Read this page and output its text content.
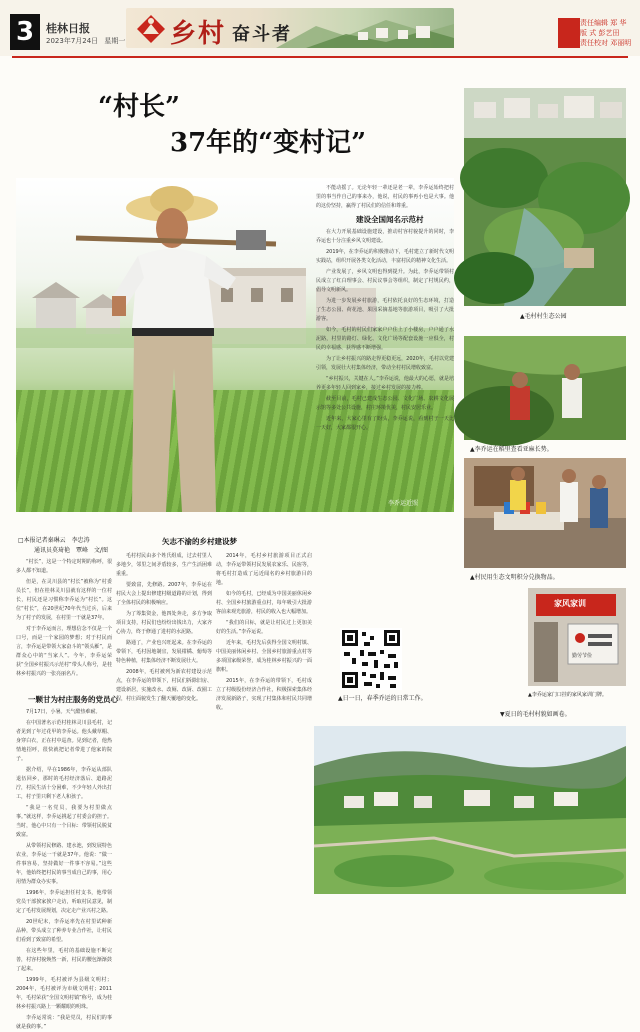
3	桂林日报
2023年7月24日 星期一 乡村 奋斗者
责任编辑 郑 华
版 式 彭艺田
责任校对 邓丽明
“村长”
37年的“变村记”
李乔运近照
▲毛村村生态公园
▲李乔运在稻里查看亚麻长势。
▲村民用生态文明积分兑换物品。
家风家训
勤劳节俭
▲李乔运家门口挂的家风家训门牌。
▲日一日，春季乔运的日常工作。
▼夏日的毛村村貌如画卷。
□本报记者秦琳云　李忠涛
通讯员莫琦艳　覃峰　文/图

“村长”，这是一个特定时期的称呼，很多人都不知道。

但是，在灵川县的“村长”被称为“村委员长”，但在桂林灵川县就有这样的一位村长，村民还是习惯称李乔运为“村长”。这位“村长”，在20世纪70年代当过兵，后来为了村子的发展，在村里一干就是37年。

对于李乔运而言，理想信念不仅是一个口号，而是一个家园的梦想；对于村民而言，李乔运是带领大家奋斗的“领头雁”，是群众心中的“当家人”。今年，李乔运荣获“全国乡村振兴示范村”带头人称号，是桂林乡村振兴的一张亮丽名片。

一颗甘为村庄服务的党员心

7月17日，小暑。天气酷热难耐。

在中国著名示范村桂林灵川县毛村，记者见到了年过花甲的李乔运。他头戴草帽、身穿白衣，正在村中巡查。见到记者，他热情地招呼，很快就把记者带进了他家的院子。

据介绍，早在1986年，李乔运从部队退伍回乡，那时的毛村经济落后、道路泥泞，村民生活十分困难，不少年轻人外出打工，村子里只剩下老人和孩子。

“我是一名党员，我要为村里做点事。”就这样，李乔运挑起了村委会的担子。当时，他心中只有一个目标：带领村民脱贫致富。

从带领村民修路、建水池，到发展特色农业，李乔运一干就是37年。他说：“做一件事容易，坚持做好一件事不容易。”这些年，他始终把村民的事当成自己的事，用心用情为群众办实事。

1996年，李乔运担任村支书，他带领党员干部挨家挨户走访，听取村民意见，制定了毛村发展规划，决定走产业兴村之路。

20世纪末，李乔运率先在村里试种新品种，带头成立了种养专业合作社，让村民们看到了致富的希望。

在这些年里，毛村的基础设施不断完善，村容村貌焕然一新，村民的腰包渐渐鼓了起来。

1999年，毛村被评为县级文明村；2004年，毛村被评为市级文明村；2011年，毛村荣获“全国文明村镇”称号，成为桂林乡村振兴路上一颗耀眼的明珠。

李乔运常说：“我是党员，村民们的事就是我的事。”

矢志不渝的乡村建设梦

毛村村民由多个姓氏组成，过去村里人多地少，邻里之间矛盾较多，生产生活困难重重。

要致富，先修路。2007年，李乔运在村民大会上提出修建村级道路的计划，得到了全体村民的积极响应。

为了筹集资金，他四处奔走，多方争取项目支持，村民们也纷纷出钱出力，大家齐心协力，终于修通了进村的水泥路。

路通了，产业也兴旺起来。在李乔运的带领下，毛村因地制宜，发展柑橘、葡萄等特色种植，村集体经济不断发展壮大。

2008年，毛村被列为新农村建设示范点，在李乔运的带领下，村民们拆除旧房、建设新居，实施改水、改厕、改厨、改圈工程，村庄面貌发生了翻天覆地的变化。

2014年，毛村乡村旅游项目正式启动，李乔运带领村民发展农家乐、民宿等，将毛村打造成了远近闻名的乡村旅游目的地。

如今的毛村，已经成为中国美丽休闲乡村、全国乡村旅游重点村，每年吸引大批游客前来观光旅游，村民的收入也大幅增加。

“我们的目标，就是让村民过上更加美好的生活。”李乔运说。

近年来，毛村先后获得全国文明村镇、中国美丽休闲乡村、全国乡村旅游重点村等多项国家级荣誉，成为桂林乡村振兴的一面旗帜。

2015年，在李乔运的带领下，毛村成立了村级股份经济合作社，积极探索集体经济发展新路子，实现了村集体和村民共同增收。

不能动摇了。无论年轻一辈还是老一辈，李乔运始终把村里的事当作自己的事来办，他说，村民的事再小也是大事。他的这份坚持，赢得了村民们的信任和尊重。

建设全国闻名示范村

在大力开展基础设施建设，推动村容村貌提升的同时，李乔运也十分注重乡风文明建设。

2019年，在李乔运的积极推动下，毛村建立了新时代文明实践站，组织开展各类文化活动，丰富村民的精神文化生活。

产业发展了，乡风文明也得到提升。为此，李乔运带领村民成立了红白理事会、村民议事会等组织，制定了村规民约，倡导文明新风。

为进一步发展乡村旅游，毛村依托良好的生态环境，打造了生态公园、荷花池、果园采摘基地等旅游项目，吸引了大批游客。

如今，毛村的村民们家家户户住上了小楼房，户户通了水泥路，村里的路灯、绿化、文化广场等配套设施一应俱全，村民的幸福感、获得感不断增强。

为了让乡村振兴的路走得更稳更远，2020年，毛村以党建引领，发展壮大村集体经济，带动全村村民增收致富。

“乡村振兴，关键在人。”李乔运说，他最大的心愿，就是培养更多年轻人回到家乡，接过乡村发展的接力棒。

截至目前，毛村已建成生态公园、文化广场、农耕文化展示馆等多处公共设施，村庄环境优美，村民安居乐业。

近年来，大家心里有了盼头，李乔运说，看到村子一天比一天好，大家都很开心。
